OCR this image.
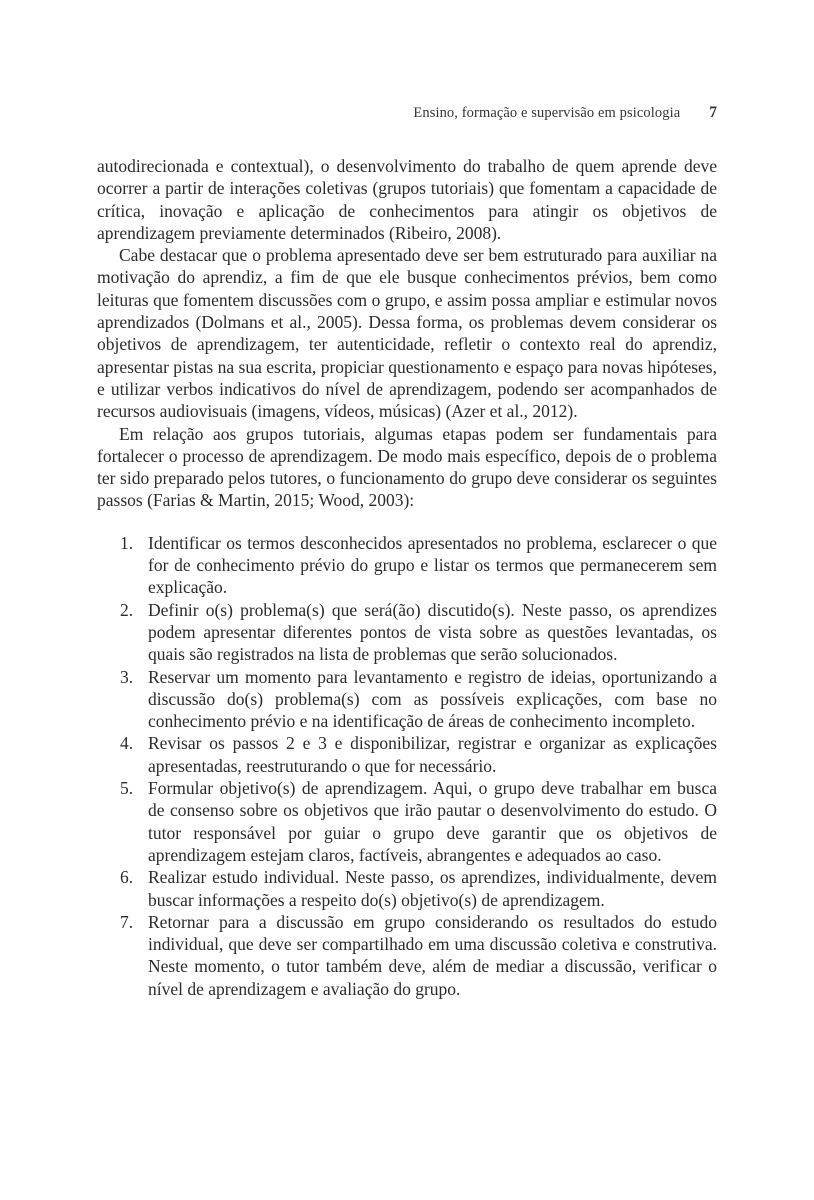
Ensino, formação e supervisão em psicologia 7

autodirecionada e contextual), o desenvolvimento do trabalho de quem aprende deve ocorrer a partir de interações coletivas (grupos tutoriais) que fomentam a capacidade de crítica, inovação e aplicação de conhecimentos para atingir os objetivos de aprendizagem previamente determinados (Ribeiro, 2008).

Cabe destacar que o problema apresentado deve ser bem estruturado para auxiliar na motivação do aprendiz, a fim de que ele busque conhecimentos prévios, bem como leituras que fomentem discussões com o grupo, e assim possa ampliar e estimular novos aprendizados (Dolmans et al., 2005). Dessa forma, os problemas devem considerar os objetivos de aprendizagem, ter autenticidade, refletir o contexto real do aprendiz, apresentar pistas na sua escrita, propiciar questionamento e espaço para novas hipóteses, e utilizar verbos indicativos do nível de aprendizagem, podendo ser acompanhados de recursos audiovisuais (imagens, vídeos, músicas) (Azer et al., 2012).

Em relação aos grupos tutoriais, algumas etapas podem ser fundamentais para fortalecer o processo de aprendizagem. De modo mais específico, depois de o problema ter sido preparado pelos tutores, o funcionamento do grupo deve considerar os seguintes passos (Farias & Martin, 2015; Wood, 2003):

1. Identificar os termos desconhecidos apresentados no problema, esclarecer o que for de conhecimento prévio do grupo e listar os termos que permanecerem sem explicação.
2. Definir o(s) problema(s) que será(ão) discutido(s). Neste passo, os aprendizes podem apresentar diferentes pontos de vista sobre as questões levantadas, os quais são registrados na lista de problemas que serão solucionados.
3. Reservar um momento para levantamento e registro de ideias, oportunizando a discussão do(s) problema(s) com as possíveis explicações, com base no conhecimento prévio e na identificação de áreas de conhecimento incompleto.
4. Revisar os passos 2 e 3 e disponibilizar, registrar e organizar as explicações apresentadas, reestruturando o que for necessário.
5. Formular objetivo(s) de aprendizagem. Aqui, o grupo deve trabalhar em busca de consenso sobre os objetivos que irão pautar o desenvolvimento do estudo. O tutor responsável por guiar o grupo deve garantir que os objetivos de aprendizagem estejam claros, factíveis, abrangentes e adequados ao caso.
6. Realizar estudo individual. Neste passo, os aprendizes, individualmente, devem buscar informações a respeito do(s) objetivo(s) de aprendizagem.
7. Retornar para a discussão em grupo considerando os resultados do estudo individual, que deve ser compartilhado em uma discussão coletiva e construtiva. Neste momento, o tutor também deve, além de mediar a discussão, verificar o nível de aprendizagem e avaliação do grupo.
